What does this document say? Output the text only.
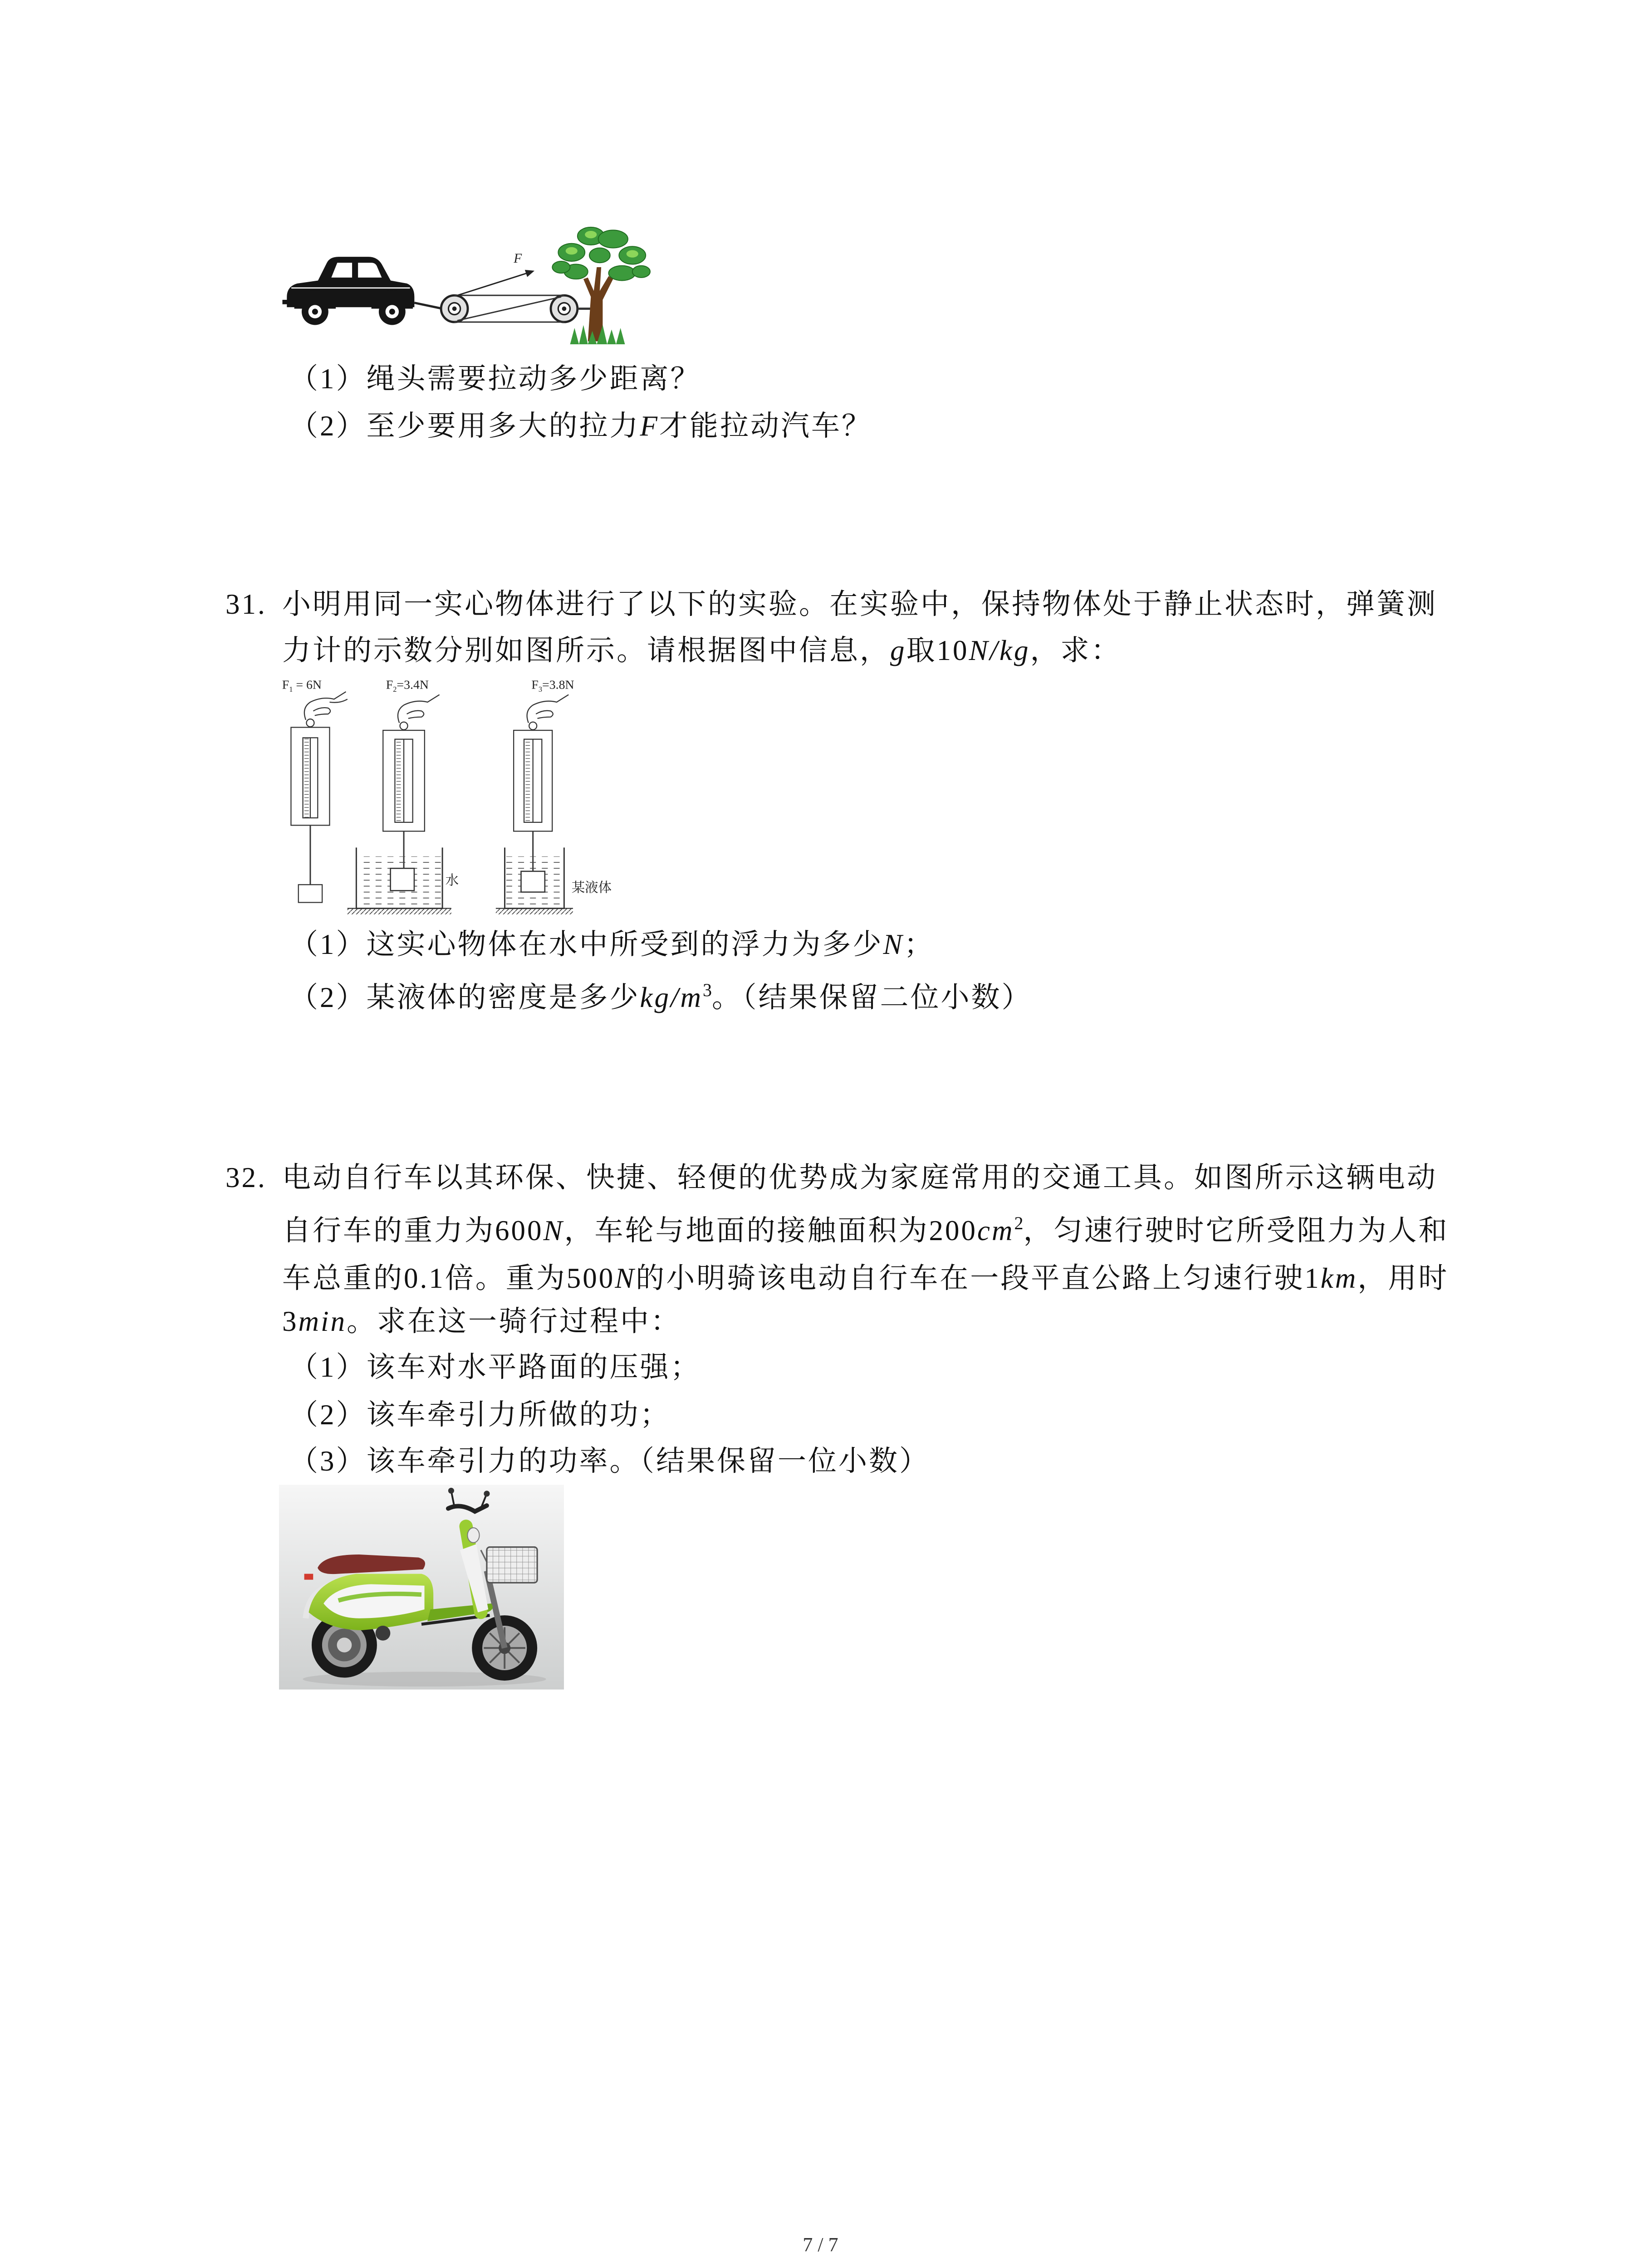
F
（1）绳头需要拉动多少距离？
（2）至少要用多大的拉力F才能拉动汽车？
31. 小明用同一实心物体进行了以下的实验。在实验中，保持物体处于静止状态时，弹簧测
力计的示数分别如图所示。请根据图中信息，g取10N/kg，求：
$F_1 = 6N$	$F_2=3.4N$	$F_3=3.8N$
水
某液体
（1）这实心物体在水中所受到的浮力为多少N；
（2）某液体的密度是多少$kg/m^3$。（结果保留二位小数）
32. 电动自行车以其环保、快捷、轻便的优势成为家庭常用的交通工具。如图所示这辆电动
自行车的重力为600N，车轮与地面的接触面积为$200cm^2$，匀速行驶时它所受阻力为人和
车总重的0.1倍。重为500N的小明骑该电动自行车在一段平直公路上匀速行驶1km，用时
3min。求在这一骑行过程中：
（1）该车对水平路面的压强；
（2）该车牵引力所做的功；
（3）该车牵引力的功率。（结果保留一位小数）
7 / 7
